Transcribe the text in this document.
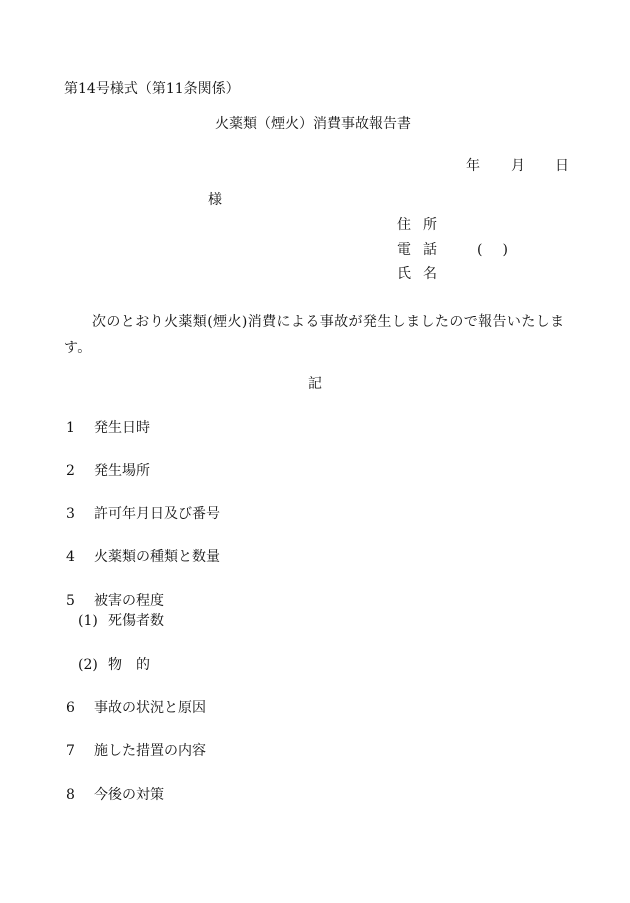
第14号様式（第11条関係）
火薬類（煙火）消費事故報告書
年 月 日
様
住所
電話 ()
氏名
次のとおり火薬類(煙火)消費による事故が発生しましたので報告いたします。
記
1 発生日時
2 発生場所
3 許可年月日及び番号
4 火薬類の種類と数量
5 被害の程度
(1) 死傷者数
(2) 物的
6 事故の状況と原因
7 施した措置の内容
8 今後の対策
